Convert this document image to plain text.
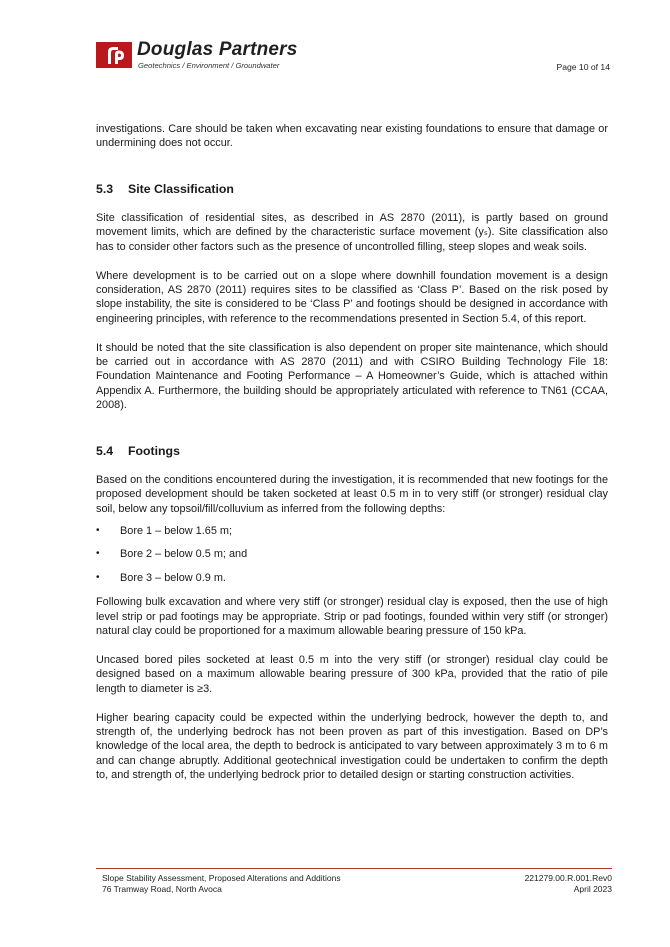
Douglas Partners
Geotechnics / Environment / Groundwater	Page 10 of 14

investigations. Care should be taken when excavating near existing foundations to ensure that damage or undermining does not occur.

5.3 Site Classification

Site classification of residential sites, as described in AS 2870 (2011), is partly based on ground movement limits, which are defined by the characteristic surface movement (yₛ). Site classification also has to consider other factors such as the presence of uncontrolled filling, steep slopes and weak soils.

Where development is to be carried out on a slope where downhill foundation movement is a design consideration, AS 2870 (2011) requires sites to be classified as ‘Class P’. Based on the risk posed by slope instability, the site is considered to be ‘Class P’ and footings should be designed in accordance with engineering principles, with reference to the recommendations presented in Section 5.4, of this report.

It should be noted that the site classification is also dependent on proper site maintenance, which should be carried out in accordance with AS 2870 (2011) and with CSIRO Building Technology File 18: Foundation Maintenance and Footing Performance – A Homeowner’s Guide, which is attached within Appendix A. Furthermore, the building should be appropriately articulated with reference to TN61 (CCAA, 2008).

5.4 Footings

Based on the conditions encountered during the investigation, it is recommended that new footings for the proposed development should be taken socketed at least 0.5 m in to very stiff (or stronger) residual clay soil, below any topsoil/fill/colluvium as inferred from the following depths:

• Bore 1 – below 1.65 m;
• Bore 2 – below 0.5 m; and
• Bore 3 – below 0.9 m.

Following bulk excavation and where very stiff (or stronger) residual clay is exposed, then the use of high level strip or pad footings may be appropriate. Strip or pad footings, founded within very stiff (or stronger) natural clay could be proportioned for a maximum allowable bearing pressure of 150 kPa.

Uncased bored piles socketed at least 0.5 m into the very stiff (or stronger) residual clay could be designed based on a maximum allowable bearing pressure of 300 kPa, provided that the ratio of pile length to diameter is ≥3.

Higher bearing capacity could be expected within the underlying bedrock, however the depth to, and strength of, the underlying bedrock has not been proven as part of this investigation. Based on DP’s knowledge of the local area, the depth to bedrock is anticipated to vary between approximately 3 m to 6 m and can change abruptly. Additional geotechnical investigation could be undertaken to confirm the depth to, and strength of, the underlying bedrock prior to detailed design or starting construction activities.

Slope Stability Assessment, Proposed Alterations and Additions
76 Tramway Road, North Avoca
221279.00.R.001.Rev0
April 2023
